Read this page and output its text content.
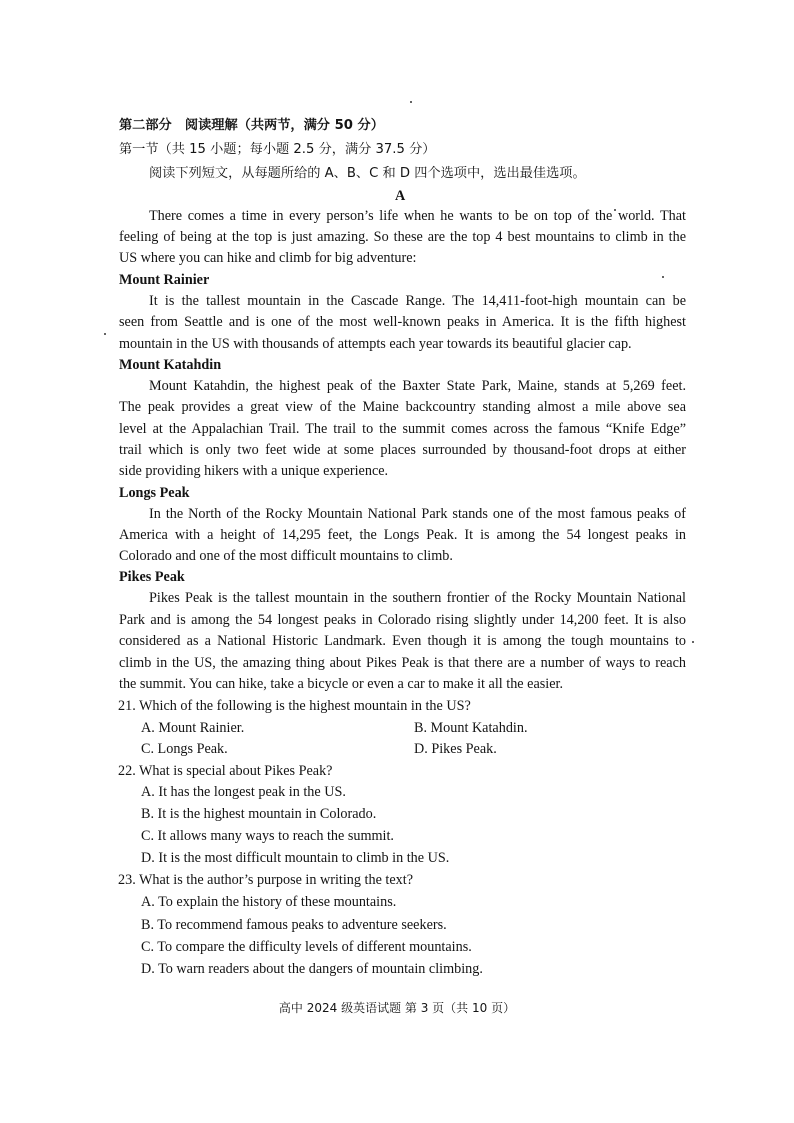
第二部分　阅读理解（共两节，满分 50 分）
第一节（共 15 小题；每小题 2.5 分，满分 37.5 分）
阅读下列短文，从每题所给的 A、B、C 和 D 四个选项中，选出最佳选项。
A
There comes a time in every person’s life when he wants to be on top of the world. That
feeling of being at the top is just amazing. So these are the top 4 best mountains to climb in the
US where you can hike and climb for big adventure:
Mount Rainier
It is the tallest mountain in the Cascade Range. The 14,411-foot-high mountain can be
seen from Seattle and is one of the most well-known peaks in America. It is the fifth highest
mountain in the US with thousands of attempts each year towards its beautiful glacier cap.
Mount Katahdin
Mount Katahdin, the highest peak of the Baxter State Park, Maine, stands at 5,269 feet.
The peak provides a great view of the Maine backcountry standing almost a mile above sea
level at the Appalachian Trail. The trail to the summit comes across the famous “Knife Edge”
trail which is only two feet wide at some places surrounded by thousand-foot drops at either
side providing hikers with a unique experience.
Longs Peak
In the North of the Rocky Mountain National Park stands one of the most famous peaks of
America with a height of 14,295 feet, the Longs Peak. It is among the 54 longest peaks in
Colorado and one of the most difficult mountains to climb.
Pikes Peak
Pikes Peak is the tallest mountain in the southern frontier of the Rocky Mountain National
Park and is among the 54 longest peaks in Colorado rising slightly under 14,200 feet. It is also
considered as a National Historic Landmark. Even though it is among the tough mountains to
climb in the US, the amazing thing about Pikes Peak is that there are a number of ways to reach
the summit. You can hike, take a bicycle or even a car to make it all the easier.
21. Which of the following is the highest mountain in the US?
A. Mount Rainier.	B. Mount Katahdin.
C. Longs Peak.	D. Pikes Peak.
22. What is special about Pikes Peak?
A. It has the longest peak in the US.
B. It is the highest mountain in Colorado.
C. It allows many ways to reach the summit.
D. It is the most difficult mountain to climb in the US.
23. What is the author’s purpose in writing the text?
A. To explain the history of these mountains.
B. To recommend famous peaks to adventure seekers.
C. To compare the difficulty levels of different mountains.
D. To warn readers about the dangers of mountain climbing.
高中 2024 级英语试题 第 3 页（共 10 页）
